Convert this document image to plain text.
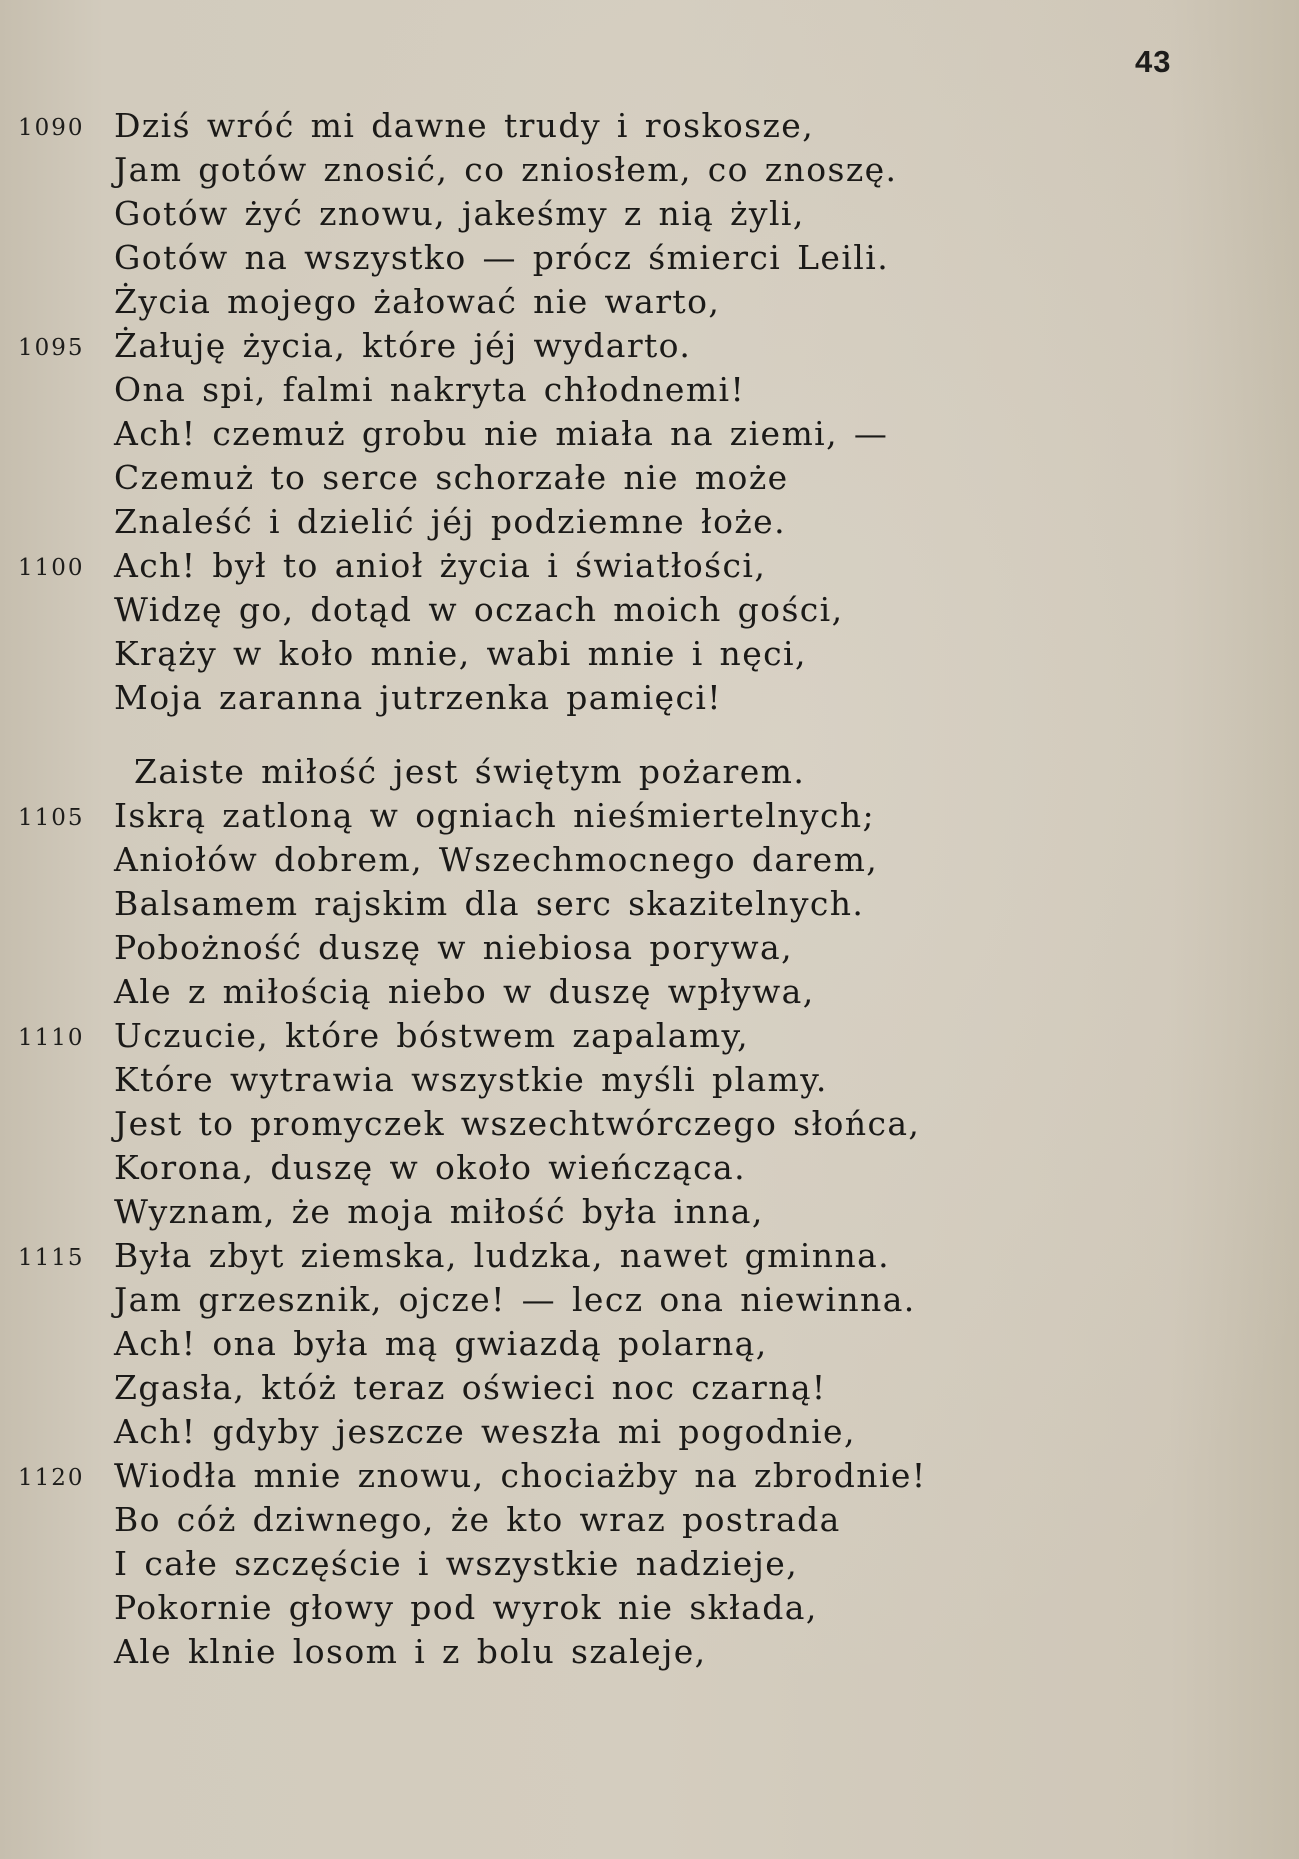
43
1090 Dziś wróć mi dawne trudy i roskosze,
Jam gotów znosić, co zniosłem, co znoszę.
Gotów żyć znowu, jakeśmy z nią żyli,
Gotów na wszystko — prócz śmierci Leili.
Życia mojego żałować nie warto,
1095 Żałuję życia, które jéj wydarto.
Ona spi, falmi nakryta chłodnemi!
Ach! czemuż grobu nie miała na ziemi, —
Czemuż to serce schorzałe nie może
Znaleść i dzielić jéj podziemne łoże.
1100 Ach! był to anioł życia i światłości,
Widzę go, dotąd w oczach moich gości,
Krąży w koło mnie, wabi mnie i nęci,
Moja zaranna jutrzenka pamięci!
Zaiste miłość jest świętym pożarem.
1105 Iskrą zatloną w ogniach nieśmiertelnych;
Aniołów dobrem, Wszechmocnego darem,
Balsamem rajskim dla serc skazitelnych.
Pobożność duszę w niebiosa porywa,
Ale z miłością niebo w duszę wpływa,
1110 Uczucie, które bóstwem zapalamy,
Które wytrawia wszystkie myśli plamy.
Jest to promyczek wszechtwórczego słońca,
Korona, duszę w około wieńcząca.
Wyznam, że moja miłość była inna,
1115 Była zbyt ziemska, ludzka, nawet gminna.
Jam grzesznik, ojcze! — lecz ona niewinna.
Ach! ona była mą gwiazdą polarną,
Zgasła, któż teraz oświeci noc czarną!
Ach! gdyby jeszcze weszła mi pogodnie,
1120 Wiodła mnie znowu, chociażby na zbrodnie!
Bo cóż dziwnego, że kto wraz postrada
I całe szczęście i wszystkie nadzieje,
Pokornie głowy pod wyrok nie składa,
Ale klnie losom i z bolu szaleje,
